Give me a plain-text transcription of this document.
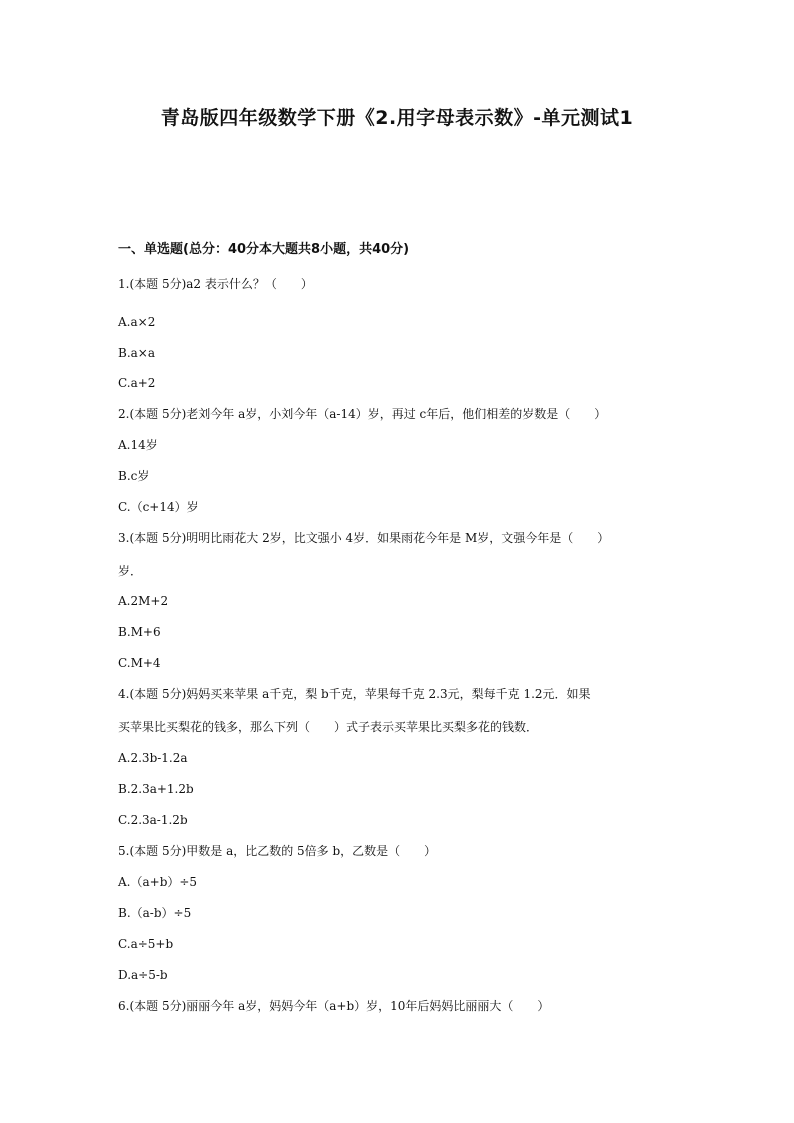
青岛版四年级数学下册《2.用字母表示数》-单元测试1
一、单选题(总分：40分本大题共8小题，共40分)
1.(本题 5分)a2 表示什么？（　　）
A.a×2
B.a×a
C.a+2
2.(本题 5分)老刘今年 a岁，小刘今年（a-14）岁，再过 c年后，他们相差的岁数是（　　）
A.14岁
B.c岁
C.（c+14）岁
3.(本题 5分)明明比雨花大 2岁，比文强小 4岁．如果雨花今年是 M岁，文强今年是（　　）
岁．
A.2M+2
B.M+6
C.M+4
4.(本题 5分)妈妈买来苹果 a千克，梨 b千克，苹果每千克 2.3元，梨每千克 1.2元．如果
买苹果比买梨花的钱多，那么下列（　　）式子表示买苹果比买梨多花的钱数．
A.2.3b-1.2a
B.2.3a+1.2b
C.2.3a-1.2b
5.(本题 5分)甲数是 a，比乙数的 5倍多 b，乙数是（　　）
A.（a+b）÷5
B.（a-b）÷5
C.a÷5+b
D.a÷5-b
6.(本题 5分)丽丽今年 a岁，妈妈今年（a+b）岁，10年后妈妈比丽丽大（　　）
